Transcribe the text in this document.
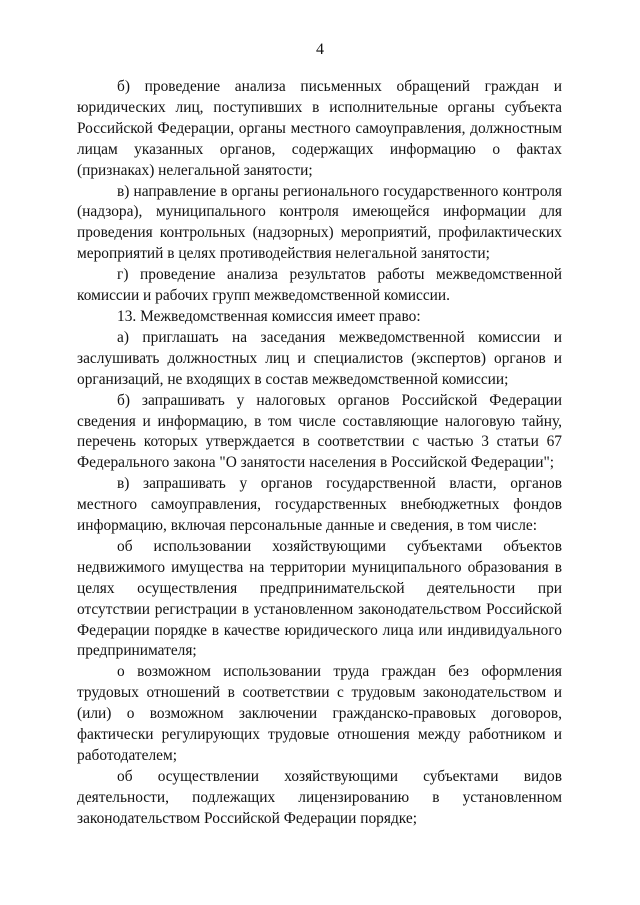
4

б) проведение анализа письменных обращений граждан и юридических лиц, поступивших в исполнительные органы субъекта Российской Федерации, органы местного самоуправления, должностным лицам указанных органов, содержащих информацию о фактах (признаках) нелегальной занятости;

в) направление в органы регионального государственного контроля (надзора), муниципального контроля имеющейся информации для проведения контрольных (надзорных) мероприятий, профилактических мероприятий в целях противодействия нелегальной занятости;

г) проведение анализа результатов работы межведомственной комиссии и рабочих групп межведомственной комиссии.

13. Межведомственная комиссия имеет право:

а) приглашать на заседания межведомственной комиссии и заслушивать должностных лиц и специалистов (экспертов) органов и организаций, не входящих в состав межведомственной комиссии;

б) запрашивать у налоговых органов Российской Федерации сведения и информацию, в том числе составляющие налоговую тайну, перечень которых утверждается в соответствии с частью 3 статьи 67 Федерального закона "О занятости населения в Российской Федерации";

в) запрашивать у органов государственной власти, органов местного самоуправления, государственных внебюджетных фондов информацию, включая персональные данные и сведения, в том числе:

об использовании хозяйствующими субъектами объектов недвижимого имущества на территории муниципального образования в целях осуществления предпринимательской деятельности при отсутствии регистрации в установленном законодательством Российской Федерации порядке в качестве юридического лица или индивидуального предпринимателя;

о возможном использовании труда граждан без оформления трудовых отношений в соответствии с трудовым законодательством и (или) о возможном заключении гражданско-правовых договоров, фактически регулирующих трудовые отношения между работником и работодателем;

об осуществлении хозяйствующими субъектами видов деятельности, подлежащих лицензированию в установленном законодательством Российской Федерации порядке;
